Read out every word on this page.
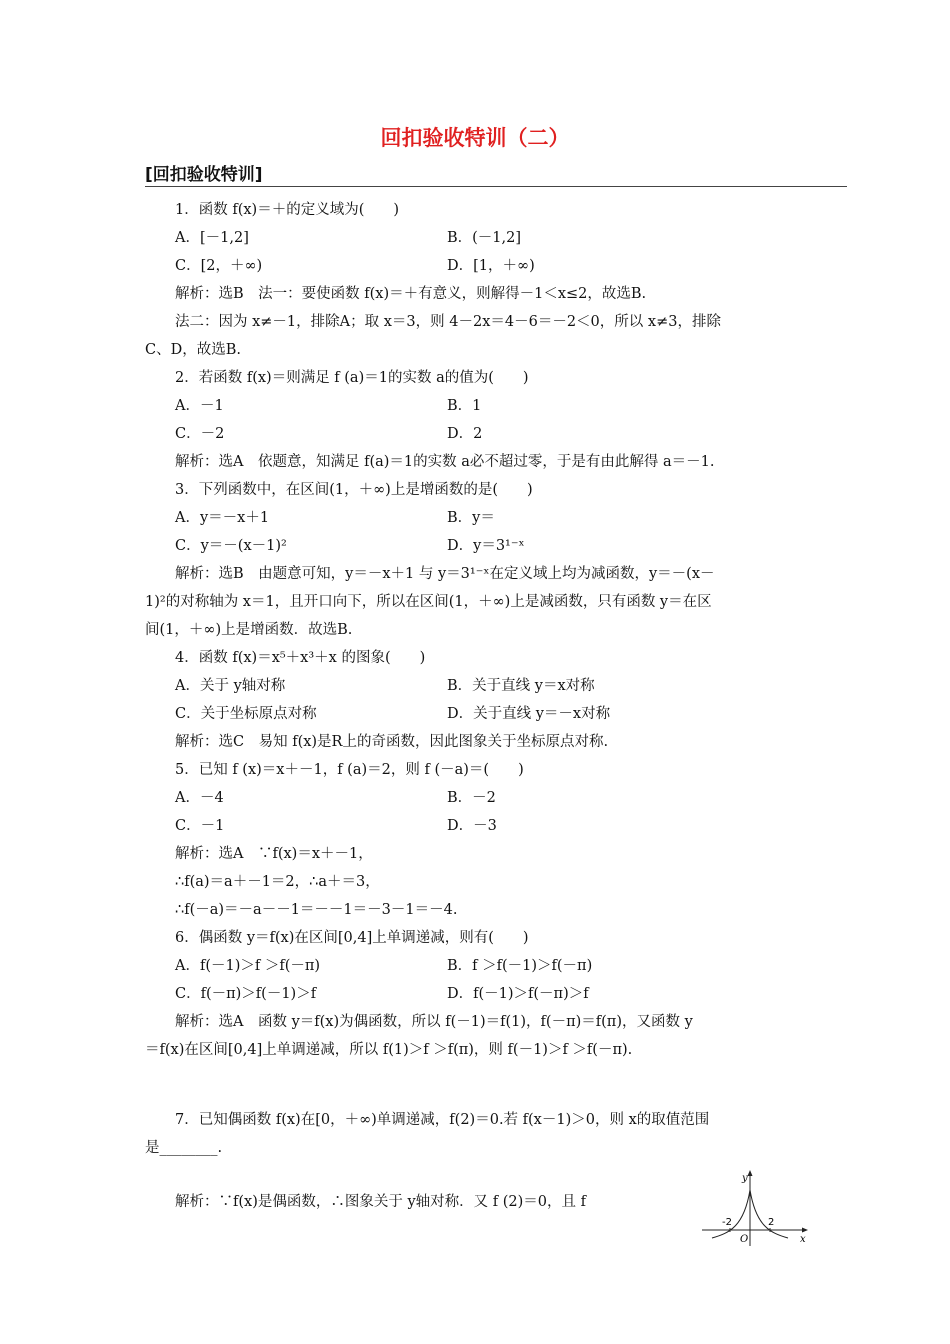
回扣验收特训（二）
[回扣验收特训]
1．函数 f(x)＝＋的定义域为(　　)
A．[－1,2]	B．(－1,2]
C．[2，＋∞)	D．[1，＋∞)
解析：选B　法一：要使函数 f(x)＝＋有意义，则解得－1＜x≤2，故选B.
法二：因为 x≠－1，排除A；取 x＝3，则 4－2x＝4－6＝－2＜0，所以 x≠3，排除
C、D，故选B.
2．若函数 f(x)＝则满足 f (a)＝1的实数 a的值为(　　)
A．－1	B．1
C．－2	D．2
解析：选A　依题意，知满足 f(a)＝1的实数 a必不超过零，于是有由此解得 a＝－1.
3．下列函数中，在区间(1，＋∞)上是增函数的是(　　)
A．y＝－x＋1	B．y＝
C．y＝－(x－1)²	D．y＝3¹⁻ˣ
解析：选B　由题意可知，y＝－x＋1 与 y＝3¹⁻ˣ在定义域上均为减函数，y＝－(x－
1)²的对称轴为 x＝1，且开口向下，所以在区间(1，＋∞)上是减函数，只有函数 y＝在区
间(1，＋∞)上是增函数．故选B.
4．函数 f(x)＝x⁵＋x³＋x 的图象(　　)
A．关于 y轴对称	B．关于直线 y＝x对称
C．关于坐标原点对称	D．关于直线 y＝－x对称
解析：选C　易知 f(x)是R上的奇函数，因此图象关于坐标原点对称.
5．已知 f (x)＝x＋－1，f (a)＝2，则 f (－a)＝(　　)
A．－4	B．－2
C．－1	D．－3
解析：选A　∵f(x)＝x＋－1，
∴f(a)＝a＋－1＝2，∴a＋＝3，
∴f(－a)＝－a－－1＝－－1＝－3－1＝－4.
6．偶函数 y＝f(x)在区间[0,4]上单调递减，则有(　　)
A．f(－1)＞f ＞f(－π)	B．f ＞f(－1)＞f(－π)
C．f(－π)＞f(－1)＞f	D．f(－1)＞f(－π)＞f
解析：选A　函数 y＝f(x)为偶函数，所以 f(－1)＝f(1)，f(－π)＝f(π)，又函数 y
＝f(x)在区间[0,4]上单调递减，所以 f(1)＞f ＞f(π)，则 f(－1)＞f ＞f(－π).
7．已知偶函数 f(x)在[0，＋∞)单调递减，f(2)＝0.若 f(x－1)＞0，则 x的取值范围
是________.
解析：∵f(x)是偶函数，∴图象关于 y轴对称．又 f (2)＝0，且 f
y
x
O
-2	2
